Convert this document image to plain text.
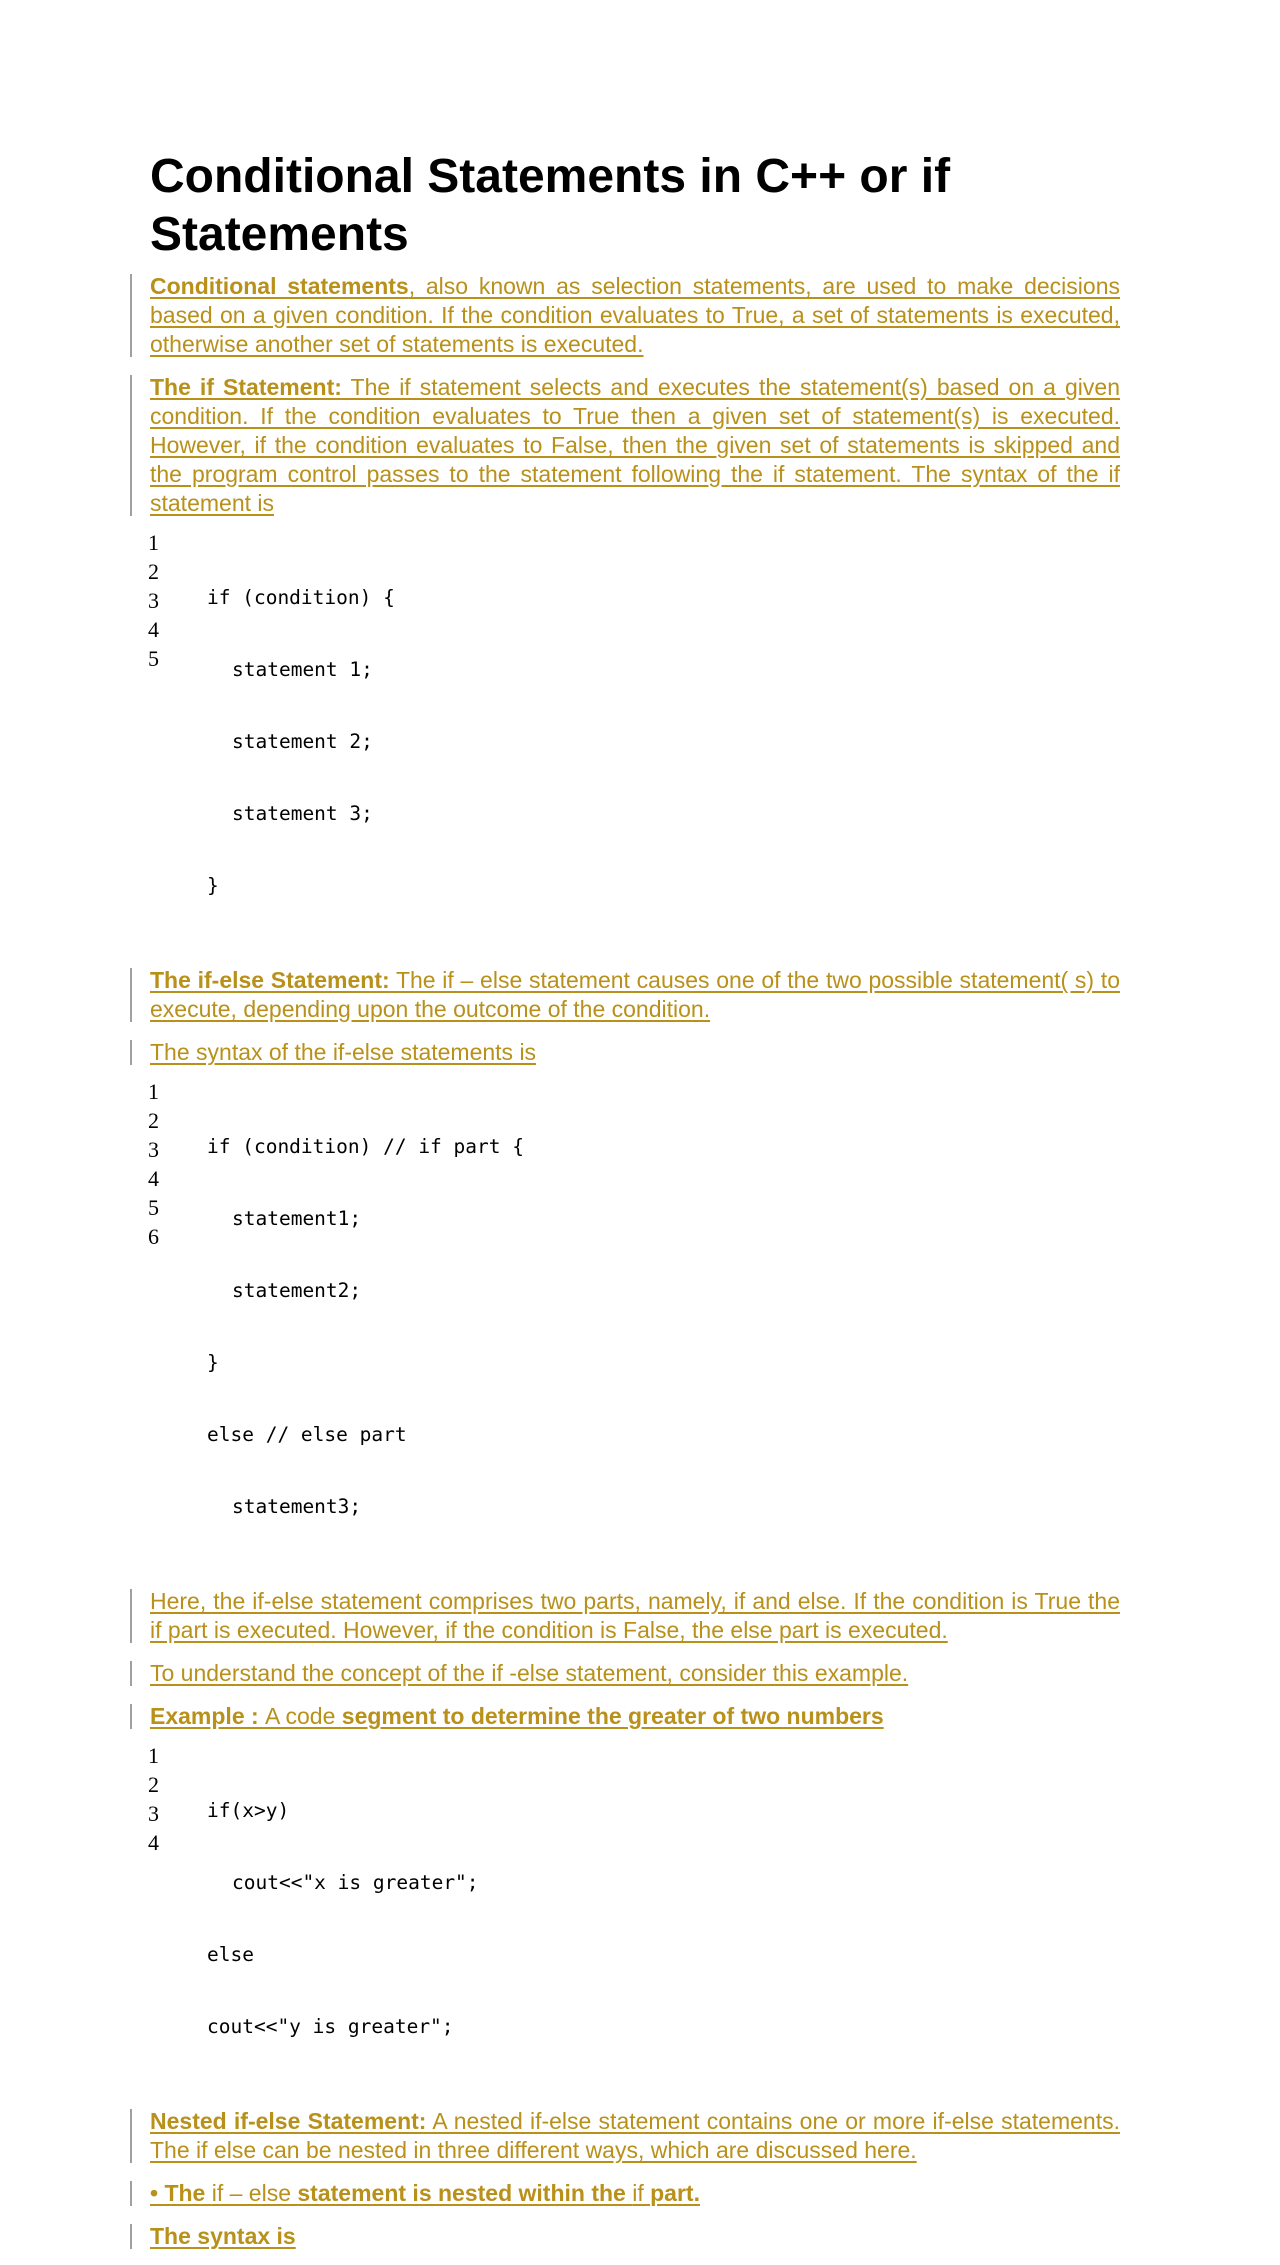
Conditional Statements in C++ or if Statements

Conditional statements, also known as selection statements, are used to make decisions based on a given condition. If the condition evaluates to True, a set of statements is executed, otherwise another set of statements is executed.

The if Statement: The if statement selects and executes the statement(s) based on a given condition. If the condition evaluates to True then a given set of statement(s) is executed. However, if the condition evaluates to False, then the given set of statements is skipped and the program control passes to the statement following the if statement. The syntax of the if statement is

1
2
3
4
5

if (condition) {

statement 1;

statement 2;

statement 3;

}

The if-else Statement: The if – else statement causes one of the two possible statement( s) to execute, depending upon the outcome of the condition.

The syntax of the if-else statements is

1
2
3
4
5
6

if (condition) // if part {

statement1;

statement2;

}

else // else part

statement3;

Here, the if-else statement comprises two parts, namely, if and else. If the condition is True the if part is executed. However, if the condition is False, the else part is executed.

To understand the concept of the if -else statement, consider this example.

Example : A code segment to determine the greater of two numbers

1
2
3
4

if(x>y)

cout<<"x is greater";

else

cout<<"y is greater";

Nested if-else Statement: A nested if-else statement contains one or more if-else statements. The if else can be nested in three different ways, which are discussed here.

• The if – else statement is nested within the if part.

The syntax is
